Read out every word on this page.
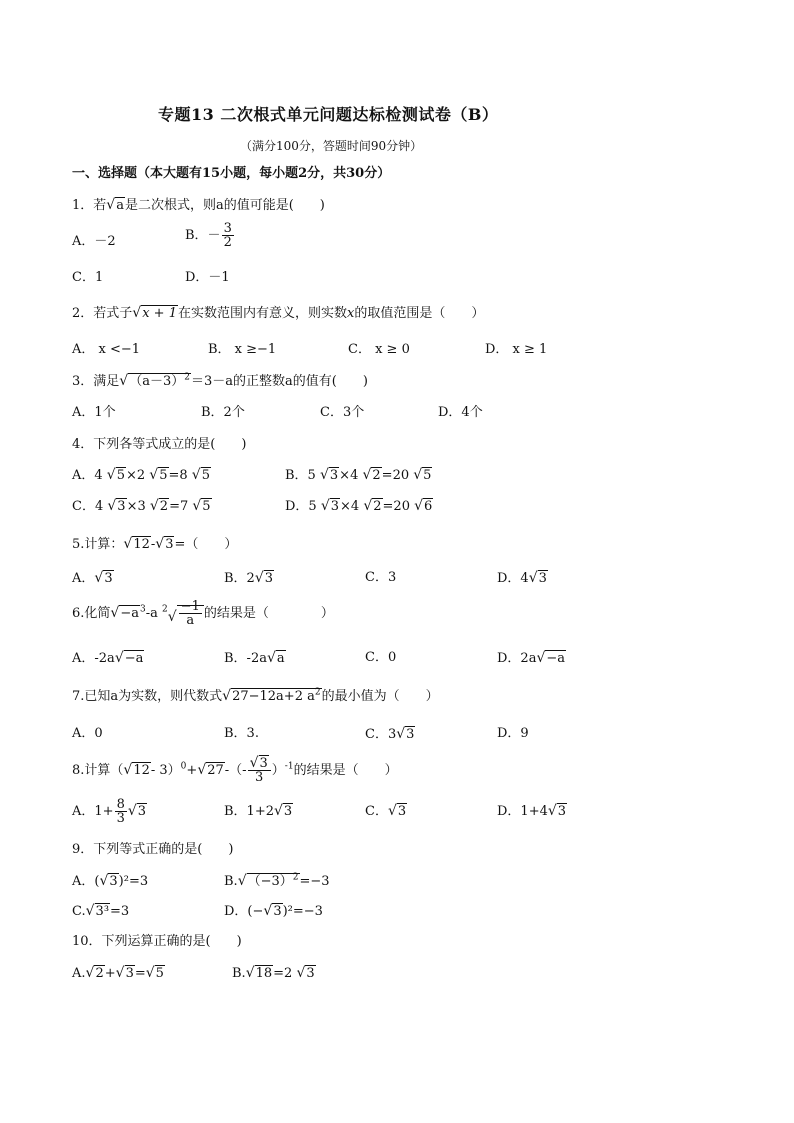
专题13 二次根式单元问题达标检测试卷（B）
（满分100分，答题时间90分钟）
一、选择题（本大题有15小题，每小题2分，共30分）
1．若√a是二次根式，则a的值可能是(　　)
A．－2	B．－ $\frac{3}{2}$
C．1	D．－1
2．若式子√x + 1在实数范围内有意义，则实数x的取值范围是（　　）
A． x <−1	B． x ≥−1	C． x ≥ 0	D． x ≥ 1
3．满足$√(a-3)^2=3-a$的正整数a的值有(　　)
A．1个	B．2个	C．3个	D．4个
4．下列各等式成立的是(　　)
A．4 √5×2 √5=8 √5	B．5 √3×4 √2=20 √5
C．4 √3×3 √2=7 √5	D．5 √3×4 √2=20 √6
5.计算：√12-√3=（　　）
A．√3	B．2√3	C．3	D．4√3
6.化简$√-a^3-a$ $^2√ \frac{-1}{a}$ 的结果是（　　　　）
A．-2a√−a	B．-2a√a	C．0	D．2a√−a
7.已知a为实数，则代数式√27−12a+2 $a^2$的最小值为（　　）
A．0	B．3.	C．3√3	D．9
8.计算（√12- $3)^0+√27-(- \frac{√3}{3} )^{-1}$的结果是（　　）
A．$1+ \frac{8}{3} √3$	B．1+2√3	C．√3	D．1+4√3
9．下列等式正确的是(　　)
A．(√3)²=3	$B.√(-3)^2=-3$
C.√3³=3	D．(−√3)²=−3
10．下列运算正确的是(　　)
A.√2+√3=√5	B.√18=2 √3
